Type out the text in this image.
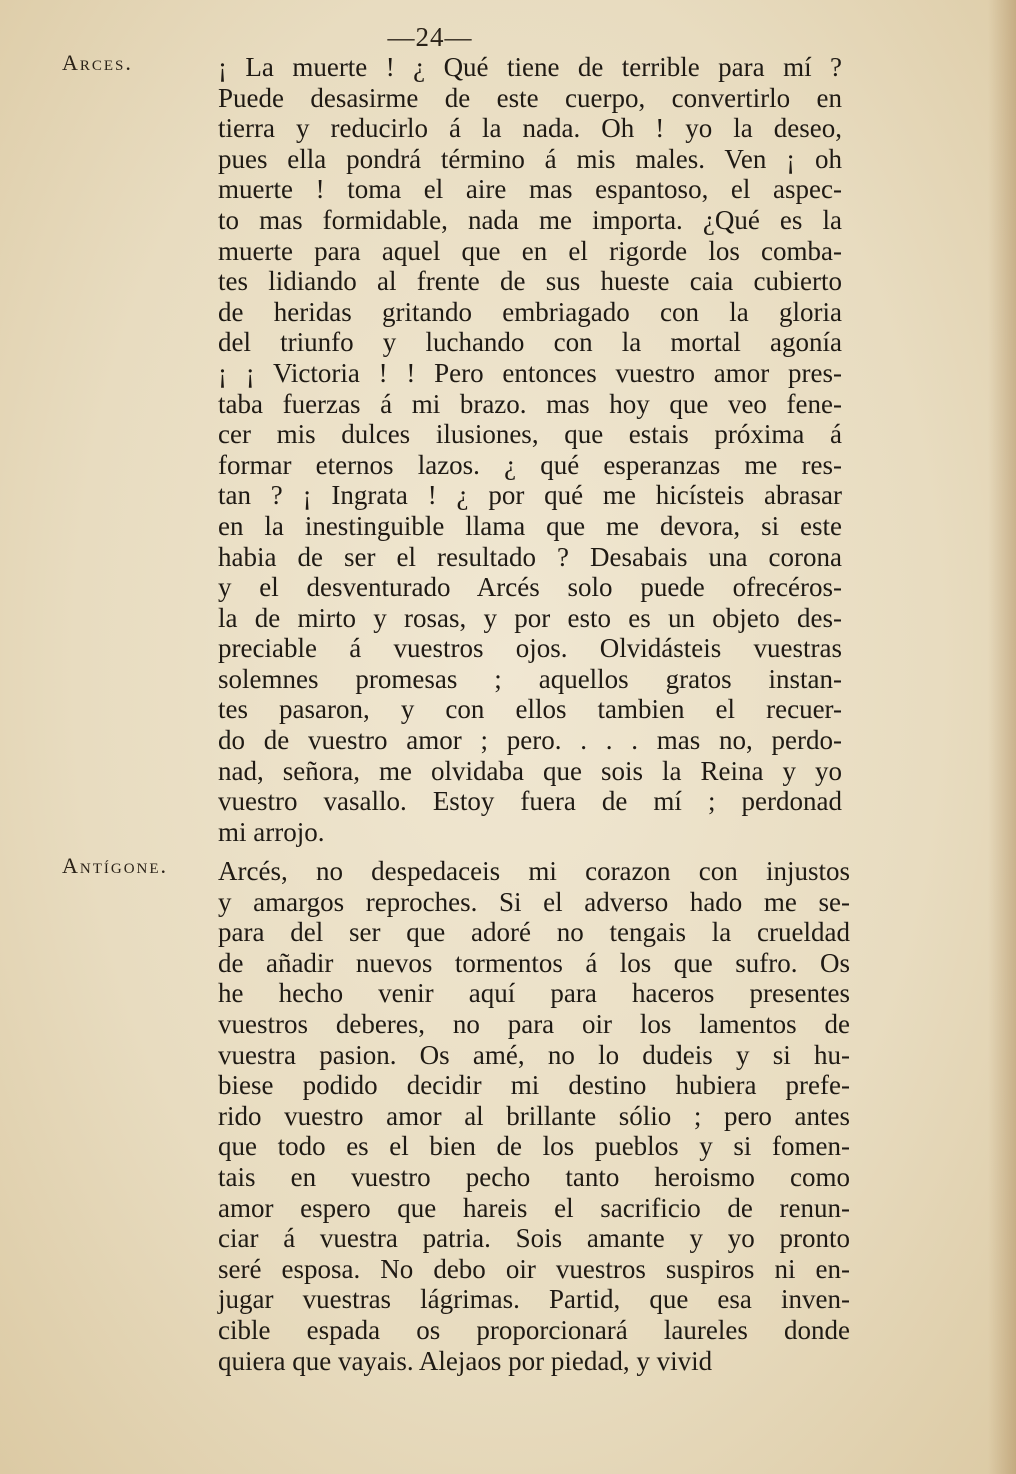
—24—
Arces.	¡ La muerte ! ¿ Qué tiene de terrible para mí ?
Puede desasirme de este cuerpo, convertirlo en
tierra y reducirlo á la nada. Oh ! yo la deseo,
pues ella pondrá término á mis males. Ven ¡ oh
muerte ! toma el aire mas espantoso, el aspec-
to mas formidable, nada me importa. ¿Qué es la
muerte para aquel que en el rigorde los comba-
tes lidiando al frente de sus hueste caia cubierto
de heridas gritando embriagado con la gloria
del triunfo y luchando con la mortal agonía
¡ ¡ Victoria ! ! Pero entonces vuestro amor pres-
taba fuerzas á mi brazo. mas hoy que veo fene-
cer mis dulces ilusiones, que estais próxima á
formar eternos lazos. ¿ qué esperanzas me res-
tan ? ¡ Ingrata ! ¿ por qué me hicísteis abrasar
en la inestinguible llama que me devora, si este
habia de ser el resultado ? Desabais una corona
y el desventurado Arcés solo puede ofrecéros-
la de mirto y rosas, y por esto es un objeto des-
preciable á vuestros ojos. Olvidásteis vuestras
solemnes promesas ; aquellos gratos instan-
tes pasaron, y con ellos tambien el recuer-
do de vuestro amor ; pero. . . . mas no, perdo-
nad, señora, me olvidaba que sois la Reina y yo
vuestro vasallo. Estoy fuera de mí ; perdonad
mi arrojo.
Antígone. Arcés, no despedaceis mi corazon con injustos
y amargos reproches. Si el adverso hado me se-
para del ser que adoré no tengais la crueldad
de añadir nuevos tormentos á los que sufro. Os
he hecho venir aquí para haceros presentes
vuestros deberes, no para oir los lamentos de
vuestra pasion. Os amé, no lo dudeis y si hu-
biese podido decidir mi destino hubiera prefe-
rido vuestro amor al brillante sólio ; pero antes
que todo es el bien de los pueblos y si fomen-
tais en vuestro pecho tanto heroismo como
amor espero que hareis el sacrificio de renun-
ciar á vuestra patria. Sois amante y yo pronto
seré esposa. No debo oir vuestros suspiros ni en-
jugar vuestras lágrimas. Partid, que esa inven-
cible espada os proporcionará laureles donde
quiera que vayais. Alejaos por piedad, y vivid
